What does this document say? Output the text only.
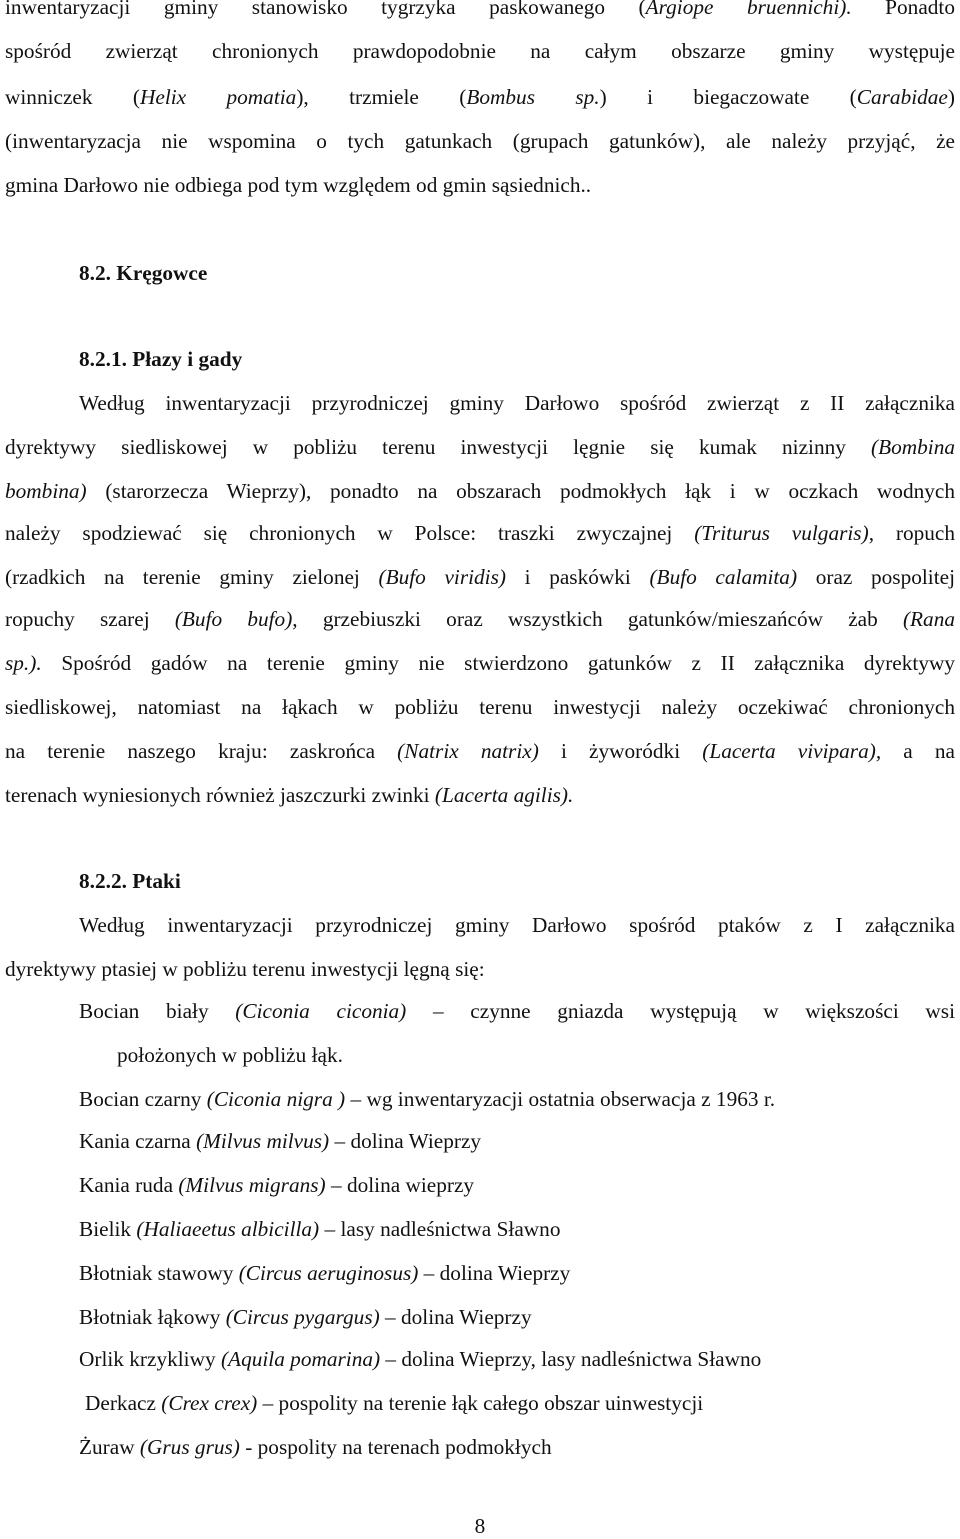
inwentaryzacji gminy stanowisko tygrzyka paskowanego (Argiope bruennichi). Ponadto
spośród zwierząt chronionych prawdopodobnie na całym obszarze gminy występuje
winniczek (Helix pomatia), trzmiele (Bombus sp.) i biegaczowate (Carabidae)
(inwentaryzacja nie wspomina o tych gatunkach (grupach gatunków), ale należy przyjąć, że
gmina Darłowo nie odbiega pod tym względem od gmin sąsiednich..
8.2. Kręgowce
8.2.1. Płazy i gady
Według inwentaryzacji przyrodniczej gminy Darłowo spośród zwierząt z II załącznika
dyrektywy siedliskowej w pobliżu terenu inwestycji lęgnie się kumak nizinny (Bombina
bombina) (starorzecza Wieprzy), ponadto na obszarach podmokłych łąk i w oczkach wodnych
należy spodziewać się chronionych w Polsce: traszki zwyczajnej (Triturus vulgaris), ropuch
(rzadkich na terenie gminy zielonej (Bufo viridis) i paskówki (Bufo calamita) oraz pospolitej
ropuchy szarej (Bufo bufo), grzebiuszki oraz wszystkich gatunków/mieszańców żab (Rana
sp.). Spośród gadów na terenie gminy nie stwierdzono gatunków z II załącznika dyrektywy
siedliskowej, natomiast na łąkach w pobliżu terenu inwestycji należy oczekiwać chronionych
na terenie naszego kraju: zaskrońca (Natrix natrix) i żyworódki (Lacerta vivipara), a na
terenach wyniesionych również jaszczurki zwinki (Lacerta agilis).
8.2.2. Ptaki
Według inwentaryzacji przyrodniczej gminy Darłowo spośród ptaków z I załącznika
dyrektywy ptasiej w pobliżu terenu inwestycji lęgną się:
Bocian biały (Ciconia ciconia) – czynne gniazda występują w większości wsi
położonych w pobliżu łąk.
Bocian czarny (Ciconia nigra ) – wg inwentaryzacji ostatnia obserwacja z 1963 r.
Kania czarna (Milvus milvus) – dolina Wieprzy
Kania ruda (Milvus migrans) – dolina wieprzy
Bielik (Haliaeetus albicilla) – lasy nadleśnictwa Sławno
Błotniak stawowy (Circus aeruginosus) – dolina Wieprzy
Błotniak łąkowy (Circus pygargus) – dolina Wieprzy
Orlik krzykliwy (Aquila pomarina) – dolina Wieprzy, lasy nadleśnictwa Sławno
Derkacz (Crex crex) – pospolity na terenie łąk całego obszar uinwestycji
Żuraw (Grus grus) - pospolity na terenach podmokłych
8
